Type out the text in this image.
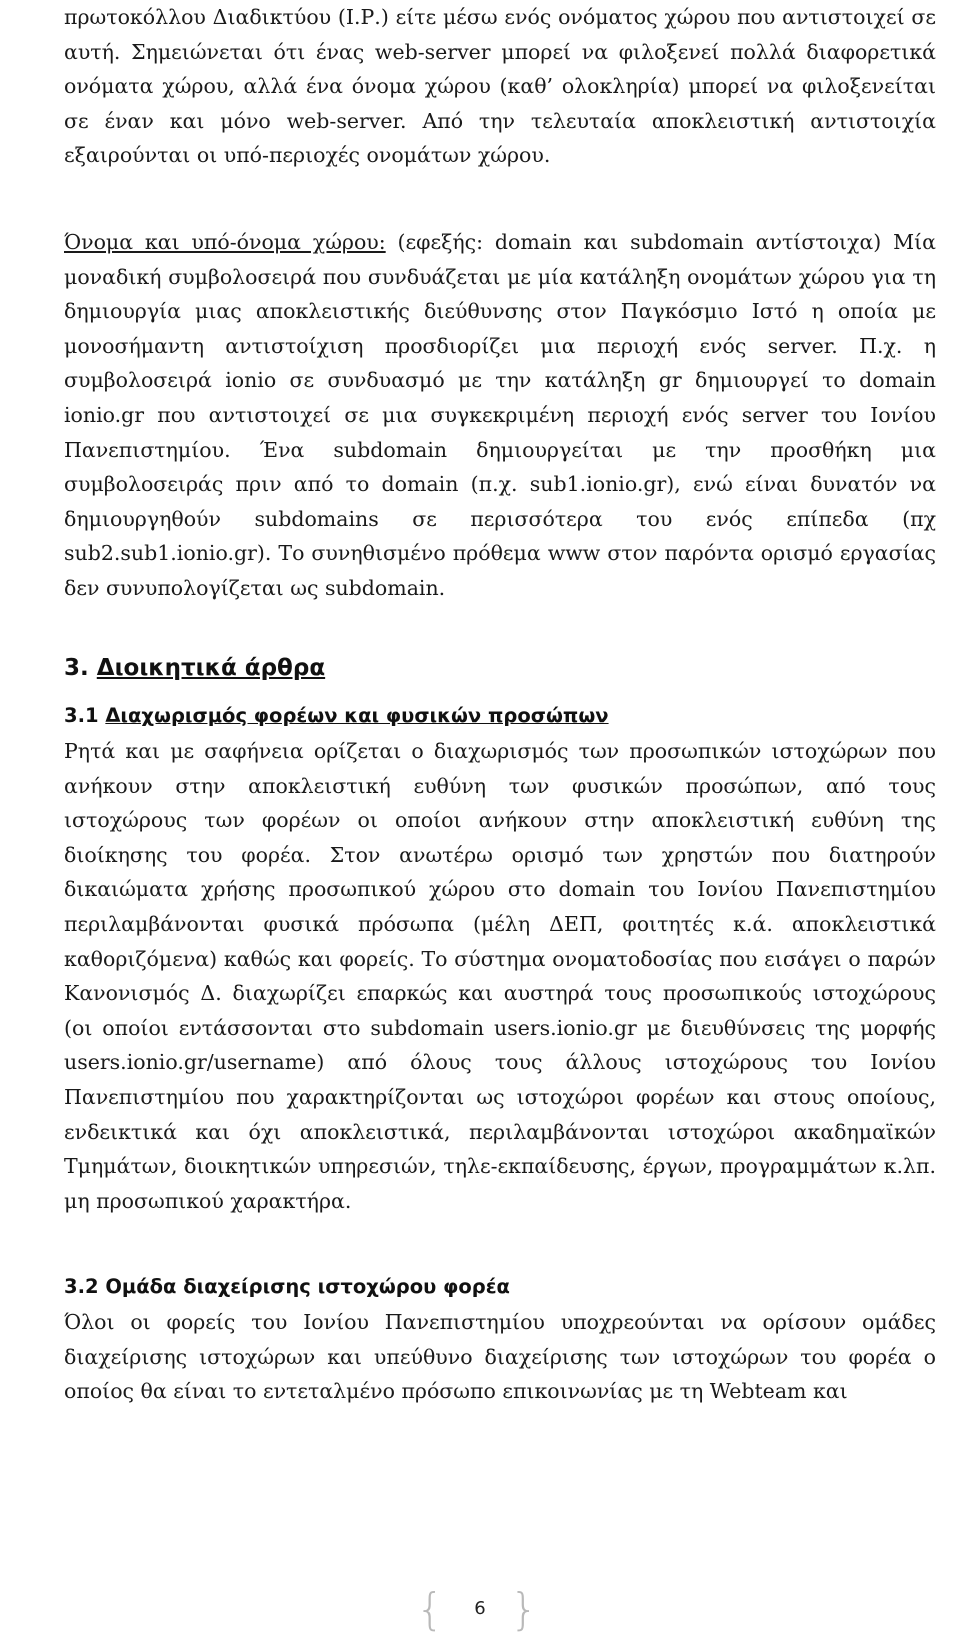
πρωτοκόλλου Διαδικτύου (Ι.Ρ.) είτε μέσω ενός ονόματος χώρου που αντιστοιχεί σε αυτή. Σημειώνεται ότι ένας web-server μπορεί να φιλοξενεί πολλά διαφορετικά ονόματα χώρου, αλλά ένα όνομα χώρου (καθ’ ολοκληρία) μπορεί να φιλοξενείται σε έναν και μόνο web-server. Από την τελευταία αποκλειστική αντιστοιχία εξαιρούνται οι υπό-περιοχές ονομάτων χώρου.

Όνομα και υπό-όνομα χώρου: (εφεξής: domain και subdomain αντίστοιχα) Μία μοναδική συμβολοσειρά που συνδυάζεται με μία κατάληξη ονομάτων χώρου για τη δημιουργία μιας αποκλειστικής διεύθυνσης στον Παγκόσμιο Ιστό η οποία με μονοσήμαντη αντιστοίχιση προσδιορίζει μια περιοχή ενός server. Π.χ. η συμβολοσειρά ionio σε συνδυασμό με την κατάληξη gr δημιουργεί το domain ionio.gr που αντιστοιχεί σε μια συγκεκριμένη περιοχή ενός server του Ιονίου Πανεπιστημίου. Ένα subdomain δημιουργείται με την προσθήκη μια συμβολοσειράς πριν από το domain (π.χ. sub1.ionio.gr), ενώ είναι δυνατόν να δημιουργηθούν subdomains σε περισσότερα του ενός επίπεδα (πχ sub2.sub1.ionio.gr). Το συνηθισμένο πρόθεμα www στον παρόντα ορισμό εργασίας δεν συνυπολογίζεται ως subdomain.

3. Διοικητικά άρθρα
3.1 Διαχωρισμός φορέων και φυσικών προσώπων

Ρητά και με σαφήνεια ορίζεται ο διαχωρισμός των προσωπικών ιστοχώρων που ανήκουν στην αποκλειστική ευθύνη των φυσικών προσώπων, από τους ιστοχώρους των φορέων οι οποίοι ανήκουν στην αποκλειστική ευθύνη της διοίκησης του φορέα. Στον ανωτέρω ορισμό των χρηστών που διατηρούν δικαιώματα χρήσης προσωπικού χώρου στο domain του Ιονίου Πανεπιστημίου περιλαμβάνονται φυσικά πρόσωπα (μέλη ΔΕΠ, φοιτητές κ.ά. αποκλειστικά καθοριζόμενα) καθώς και φορείς. Το σύστημα ονοματοδοσίας που εισάγει ο παρών Κανονισμός Δ. διαχωρίζει επαρκώς και αυστηρά τους προσωπικούς ιστοχώρους (οι οποίοι εντάσσονται στο subdomain users.ionio.gr με διευθύνσεις της μορφής users.ionio.gr/username) από όλους τους άλλους ιστοχώρους του Ιονίου Πανεπιστημίου που χαρακτηρίζονται ως ιστοχώροι φορέων και στους οποίους, ενδεικτικά και όχι αποκλειστικά, περιλαμβάνονται ιστοχώροι ακαδημαϊκών Τμημάτων, διοικητικών υπηρεσιών, τηλε-εκπαίδευσης, έργων, προγραμμάτων κ.λπ. μη προσωπικού χαρακτήρα.

3.2 Ομάδα διαχείρισης ιστοχώρου φορέα

Όλοι οι φορείς του Ιονίου Πανεπιστημίου υποχρεούνται να ορίσουν ομάδες διαχείρισης ιστοχώρων και υπεύθυνο διαχείρισης των ιστοχώρων του φορέα ο οποίος θα είναι το εντεταλμένο πρόσωπο επικοινωνίας με τη Webteam και

{	6 }
